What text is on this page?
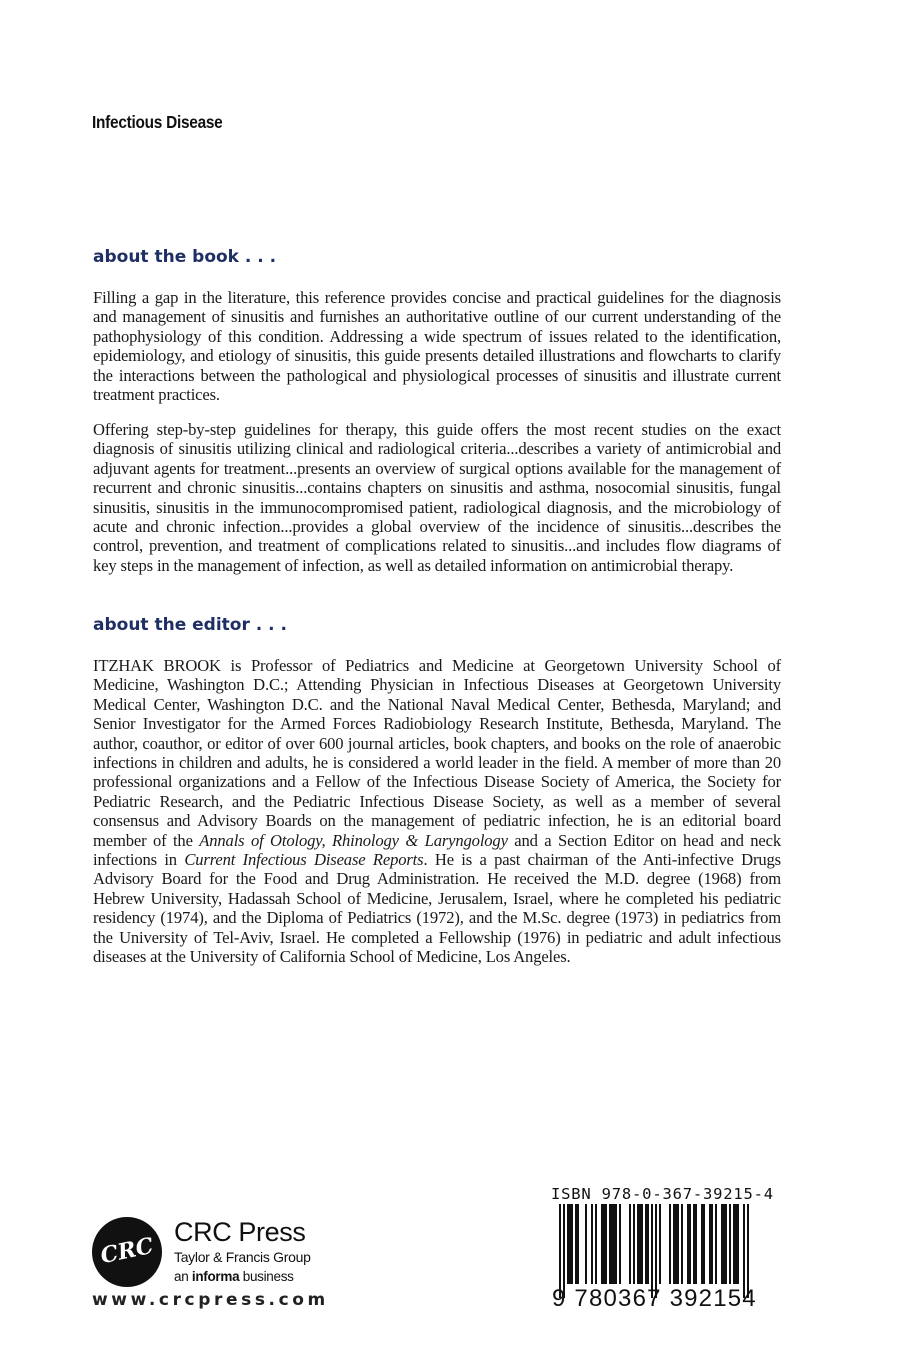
Infectious Disease
about the book . . .

Filling a gap in the literature, this reference provides concise and practical guidelines for the diagnosis and management of sinusitis and furnishes an authoritative outline of our current understanding of the pathophysiology of this condition. Addressing a wide spectrum of issues related to the identification, epidemiology, and etiology of sinusitis, this guide presents detailed illustrations and flowcharts to clarify the interactions between the pathological and physiological processes of sinusitis and illustrate current treatment practices.

Offering step-by-step guidelines for therapy, this guide offers the most recent studies on the exact diagnosis of sinusitis utilizing clinical and radiological criteria...describes a variety of antimicrobial and adjuvant agents for treatment...presents an overview of surgical options available for the management of recurrent and chronic sinusitis...contains chapters on sinusitis and asthma, nosocomial sinusitis, fungal sinusitis, sinusitis in the immunocompromised patient, radiological diagnosis, and the microbiology of acute and chronic infection...provides a global overview of the incidence of sinusitis...describes the control, prevention, and treatment of complications related to sinusitis...and includes flow diagrams of key steps in the management of infection, as well as detailed information on antimicrobial therapy.

about the editor . . .

ITZHAK BROOK is Professor of Pediatrics and Medicine at Georgetown University School of Medicine, Washington D.C.; Attending Physician in Infectious Diseases at Georgetown University Medical Center, Washington D.C. and the National Naval Medical Center, Bethesda, Maryland; and Senior Investigator for the Armed Forces Radiobiology Research Institute, Bethesda, Maryland. The author, coauthor, or editor of over 600 journal articles, book chapters, and books on the role of anaerobic infections in children and adults, he is considered a world leader in the field. A member of more than 20 professional organizations and a Fellow of the Infectious Disease Society of America, the Society for Pediatric Research, and the Pediatric Infectious Disease Society, as well as a member of several consensus and Advisory Boards on the management of pediatric infection, he is an editorial board member of the Annals of Otology, Rhinology & Laryngology and a Section Editor on head and neck infections in Current Infectious Disease Reports. He is a past chairman of the Anti-infective Drugs Advisory Board for the Food and Drug Administration. He received the M.D. degree (1968) from Hebrew University, Hadassah School of Medicine, Jerusalem, Israel, where he completed his pediatric residency (1974), and the Diploma of Pediatrics (1972), and the M.Sc. degree (1973) in pediatrics from the University of Tel-Aviv, Israel. He completed a Fellowship (1976) in pediatric and adult infectious diseases at the University of California School of Medicine, Los Angeles.

CRC
CRC Press
Taylor & Francis Group
an informa business
www.crcpress.com
ISBN 978-0-367-39215-4
9 780367 392154
